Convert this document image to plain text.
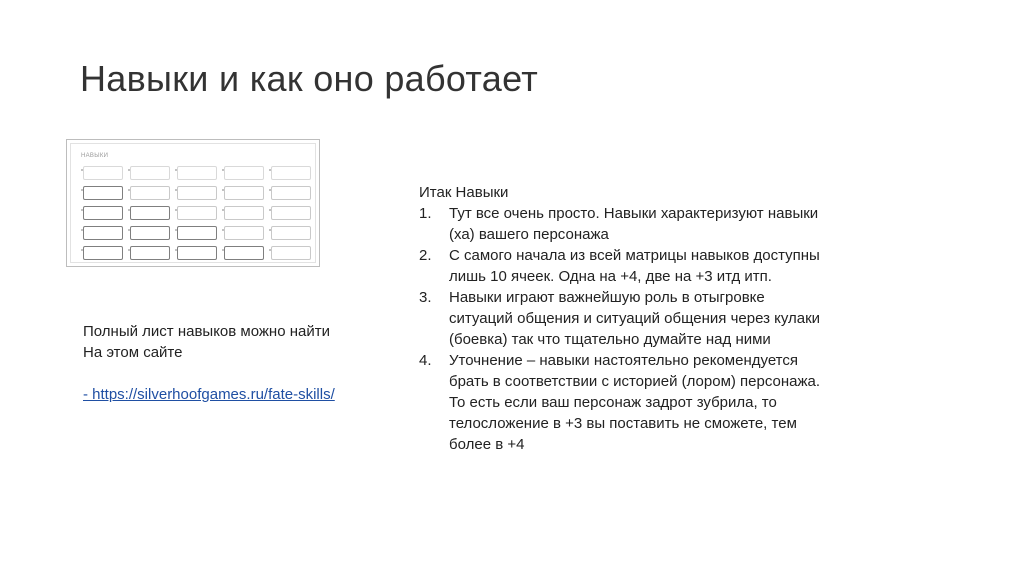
Навыки и как оно работает
НАВЫКИ
Полный лист навыков можно найти
На этом сайте
- https://silverhoofgames.ru/fate-skills/
Итак Навыки
1.	Тут все очень просто. Навыки характеризуют навыки
(ха) вашего персонажа
2.	С самого начала из всей матрицы навыков доступны
лишь 10 ячеек. Одна на +4, две на +3 итд итп.
3.	Навыки играют важнейшую роль в отыгровке
ситуаций общения и ситуаций общения через кулаки
(боевка) так что тщательно думайте над ними
4.	Уточнение – навыки настоятельно рекомендуется
брать в соответствии с историей (лором) персонажа.
То есть если ваш персонаж задрот зубрила, то
телосложение в +3 вы поставить не сможете, тем
более в +4
